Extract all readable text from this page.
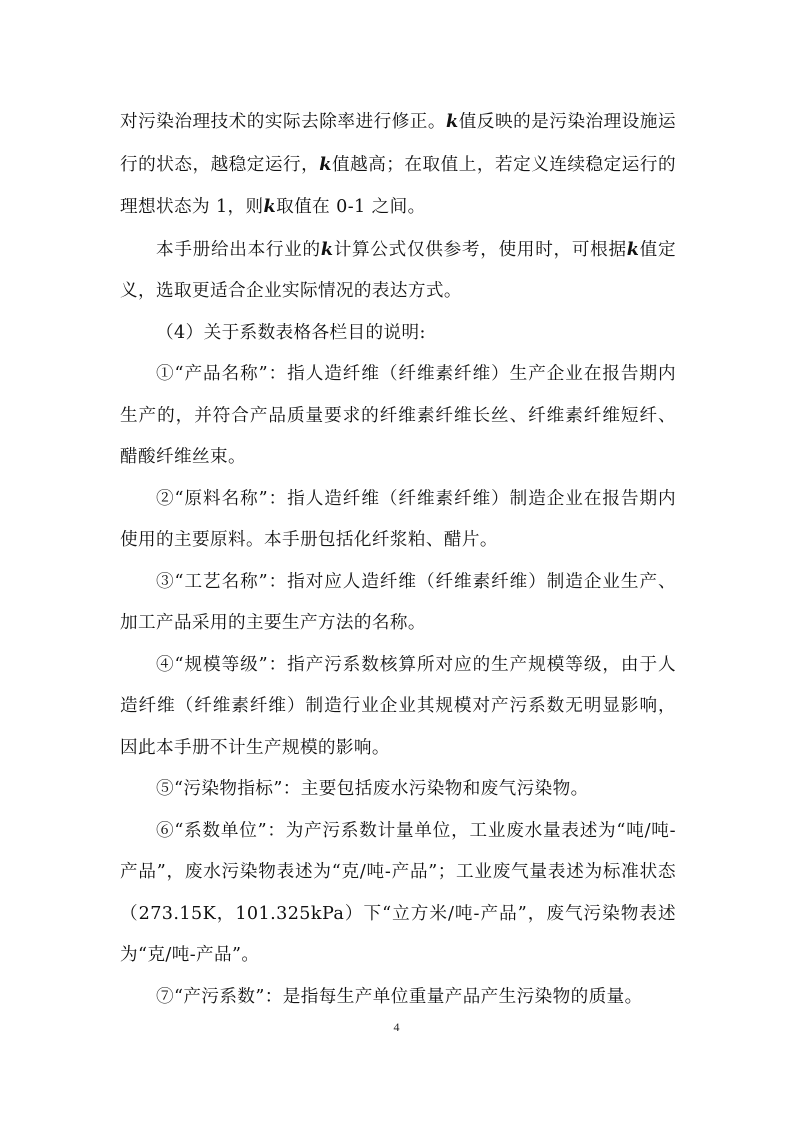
对污染治理技术的实际去除率进行修正。k值反映的是污染治理设施运行的状态，越稳定运行，k值越高；在取值上，若定义连续稳定运行的理想状态为 1，则k取值在 0-1 之间。

本手册给出本行业的k计算公式仅供参考，使用时，可根据k值定义，选取更适合企业实际情况的表达方式。

（4）关于系数表格各栏目的说明:

①“产品名称”：指人造纤维（纤维素纤维）生产企业在报告期内生产的，并符合产品质量要求的纤维素纤维长丝、纤维素纤维短纤、醋酸纤维丝束。

②“原料名称”：指人造纤维（纤维素纤维）制造企业在报告期内使用的主要原料。本手册包括化纤浆粕、醋片。

③“工艺名称”：指对应人造纤维（纤维素纤维）制造企业生产、加工产品采用的主要生产方法的名称。

④“规模等级”：指产污系数核算所对应的生产规模等级，由于人造纤维（纤维素纤维）制造行业企业其规模对产污系数无明显影响，因此本手册不计生产规模的影响。

⑤“污染物指标”：主要包括废水污染物和废气污染物。

⑥“系数单位”：为产污系数计量单位，工业废水量表述为“吨/吨-产品”，废水污染物表述为“克/吨-产品”；工业废气量表述为标准状态（273.15K，101.325kPa）下“立方米/吨-产品”，废气污染物表述为“克/吨-产品”。

⑦“产污系数”：是指每生产单位重量产品产生污染物的质量。

4
